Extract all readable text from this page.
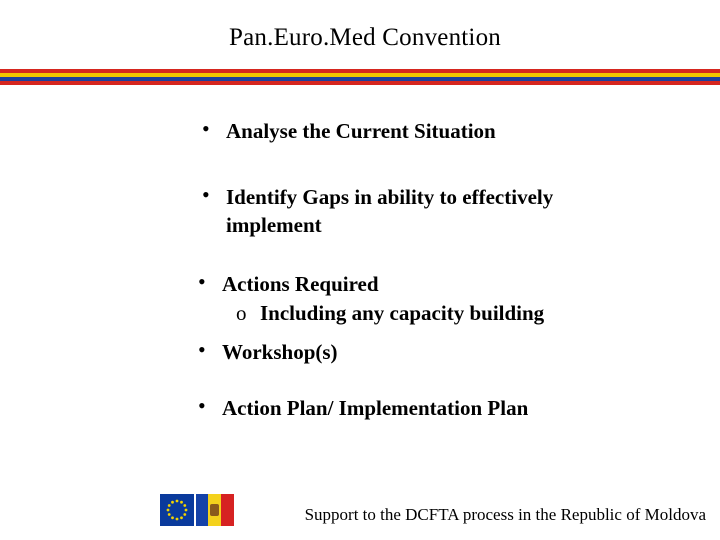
Pan.Euro.Med Convention
• Analyse the Current Situation
• Identify Gaps in ability to effectively
implement
• Actions Required
o Including any capacity building
• Workshop(s)
• Action Plan/ Implementation Plan
Support to the DCFTA process in the Republic of Moldova
